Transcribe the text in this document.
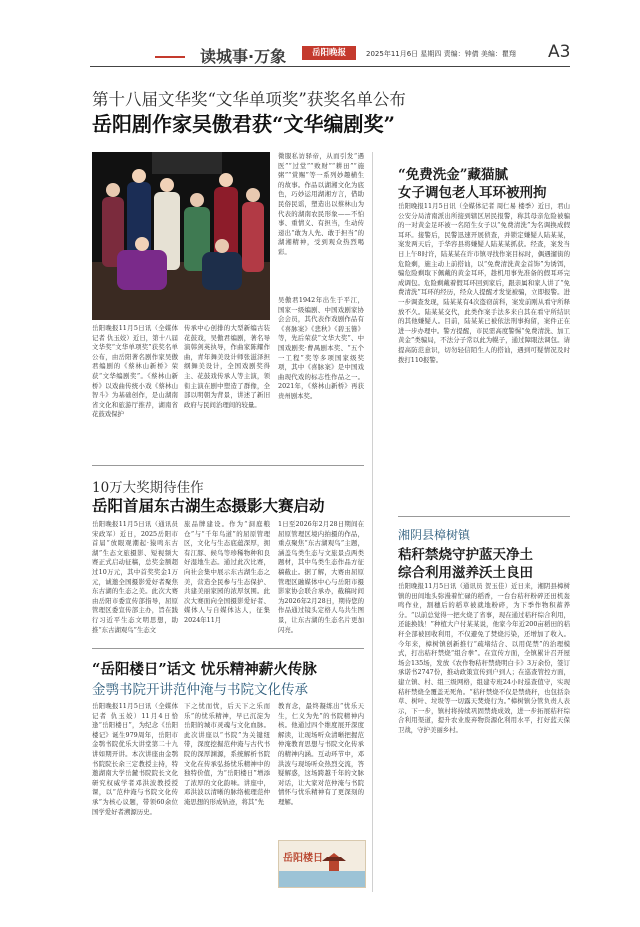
读城事·万象	岳阳晚报	2025年11月6日 星期四 责编：钟倩 美编：瞿翔 A3
第十八届文华奖“文华单项奖”获奖名单公布
岳阳剧作家吴傲君获“文华编剧奖”
岳阳晚报11月5日讯（全媒体记者 仇玉姣）近日，第十八届文华奖“文华单项奖”获奖名单公布，由岳阳著名剧作家吴傲君编剧的《蔡林山新桥》荣获“文华编剧奖”。《蔡林山新桥》以戏曲传统小戏《蔡林山智斗》为基础创作，是山湖南省文化和旅游厅推荐，湖南省花鼓戏保护
传承中心创排的大型新编古装花鼓戏，吴傲君编剧，著名导演韩剑英执导，作曲家陈耀作曲，青年舞美设计师张滋泽担纲舞美设计，全国戏剧奖得主、花鼓戏传承人等主演，领衔主演在剧中塑造了群像，全部以明朝为背景，讲述了新旧政府与民间治理间的较量。
微服私访驿帝，从而引发“遇医”“过堂”“败财”“耕田”“施粥”“赏赐”等一系列妙趣横生的故事。作品以湖湘文化为底色，巧妙运用湖湘方言，借助民俗民谣，塑造出以蔡林山为代表的湖南农民形象——不怕事、重情义、有担当，生动传递出“敢为人先、敢于担当”的湖湘精神，受到观众热烈喝彩。
吴傲君1942年出生于平江，国家一级编剧、中国戏剧家协会会员，其代表作戏剧作品有《喜脉案》《悲秋》《碧玉簪》等，先后荣获“文华大奖”、中国戏剧奖·曹禺剧本奖、“五个一工程”奖等多项国家级奖项，其中《喜脉案》是中国戏曲现代戏的标志性作品之一。2021年，《蔡林山新桥》再获贵州剧本奖。
10万大奖期待佳作
岳阳首届东古湖生态摄影大赛启动
岳阳晚报11月5日讯（通讯员 宋政军）近日，2025岳阳市首届“放眼观潮起·猿鸣东古湖”生态文旅摄影、短视频大赛正式启动征稿，总奖金额超过10万元，其中首奖奖金1万元，诚邀全国摄影爱好者聚焦东古湖的生态之美。此次大赛由岳阳市委宣传部指导，屈原管理区委宣传部主办，旨在践行习近平生态文明思想，助推“东古湖观鸟”生态文
旅品牌建设。作为“洞庭粮仓”与“千年鸟道”的屈原管理区，文化与生态底蕴深厚，拥有江豚、候鸟等珍稀物种和良好湿地生态。通过此次比赛，向社会集中展示东古湖生态之美，营造全民参与生态保护、共建美丽家园的浓厚氛围。此次大赛面向全国摄影爱好者、媒体人与自媒体达人，征集2024年11月
1日至2026年2月28日期间在屈原管理区境内拍摄的作品，重点聚焦“东古湖观鸟”主题，涵盖鸟类生态与文旅景点两类题材，其中鸟类生态作品方征稿截止。据了解，大赛由屈原管理区融媒体中心与岳阳市摄影家协会联合承办，截稿时间为2026年2月28日，期待您的作品通过镜头定格人鸟共生图景，让东古湖的生态名片更加闪亮。
“岳阳楼日”话文 忧乐精神薪火传脉
金鹗书院开讲范仲淹与书院文化传承
岳阳晚报11月5日讯（全媒体记者 仇玉姣）11月4日恰逢“岳阳楼日”，为纪念《岳阳楼记》诞生979周年，岳阳市金鹗书院优乐大讲堂第二十九讲如期开讲。本次讲座由金鹗书院院长余三定教授主持，特邀湖南大学岳麓书院院长文化研究权威学者邓洪波教授授课，以“范仲淹与书院文化传承”为核心议题，带领60余位国学爱好者溯源历史。
下之忧而忧，后天下之乐而乐”的忧乐精神，早已沉淀为岳阳的城市灵魂与文化血脉。此次讲座以“书院”为关键纽带，深度挖掘范仲淹与古代书院的深厚渊源，系统解析书院文化在传承弘扬忧乐精神中的独特价值，为“岳阳楼日”增添了浓厚的文化韵味。讲座中，邓洪波以清晰的脉络梳理范仲淹思想的形成轨迹，将其“先
教育念，最终凝练出“忧乐天生，仁义为先”的书院精神内核。他通过四个维度展开深度解读，让现场听众清晰把握范仲淹教育思想与书院文化传承的精神内涵。互动环节中，邓洪波与现场听众热烈交流，答疑解惑，这场跨越千年的文脉对话，让大家对范仲淹与书院情怀与忧乐精神有了更深刻的理解。
岳阳楼日
“免费洗金”藏猫腻
女子调包老人耳环被刑拘
岳阳晚报11月5日讯（全媒体记者 周仁易 楼季）近日，君山公安分局清南派出所接到辖区居民报警，称其母亲危险被骗的一对黄金足环被一名陌生女子以“免费清洗”为名调换成假耳环。接警后，民警迅速开展侦查，并锁定嫌疑人陆某某，案发两天后，于华容县将嫌疑人陆某某抓获。经查，案发当日上午8时许，陆某某在许市镇寻找作案目标时，偶遇遛街的危险剩，施主动上前搭讪，以“免费清洗黄金首饰”为诱饵，骗危险剩取下佩戴的黄金耳环，趁机用事先准备的假耳环完成调包。危险剩戴着假耳环回到家后，跟亲属和家人讲了“免费清洗”耳环的经历，经众人提醒才发觉被骗，立即报警。进一步调查发现，陆某某有4次盗窃前科，案发前刚从看守所释放不久。陆某某交代，此类作案手法多来自其在看守所结识的其他嫌疑人。目前，陆某某已被依法刑事拘留，案件正在进一步办理中。警方提醒，市民需高度警惕“免费清洗、加工黄金”类骗局，不法分子常以此为幌子，通过障眼法调包。请提高防范意识，切勿轻信陌生人的搭讪，遇到可疑情况及时拨打110报警。
湘阴县樟树镇
秸秆禁烧守护蓝天净土
综合利用滋养沃土良田
岳阳晚报11月5日讯（通讯员 贺玉佳）近日来，湘阴县樟树镇的田间地头弥漫着忙碌的稻香，一台台秸秆粉碎还田机轰鸣作业，割穗后的稻草被就地粉碎，为下季作物积蓄养分。“以前总觉得一把火烧了省事，现在通过秸秆综合利用，还能换钱！”种植大户付某某说，他家今年近200亩稻田的秸秆全部被回收利用，不仅避免了焚烧污染，还增加了收入。今年来，樟树镇创新推行“疏堵结合、以用促禁”的治理模式，打出秸秆禁烧“组合拳”。在宣传方面，全镇累计召开屋场会135场，发放《农作物秸秆禁烧明白卡》3万余份，签订承诺书2747份，推动政策宣传到户到人；在巡查管控方面，建立镇、村、组三级网格，组建专班24小时巡查值守，实现秸秆禁烧全覆盖无死角。“秸秆禁烧不仅是禁烧秆，也包括杂草、树叶、垃圾等一切露天焚烧行为。”樟树镇分管负责人表示，下一步，镇村将持续巩固禁烧成效，进一步拓展秸秆综合利用渠道，提升农业废弃物资源化利用水平，打好蓝天保卫战，守护美丽乡村。
